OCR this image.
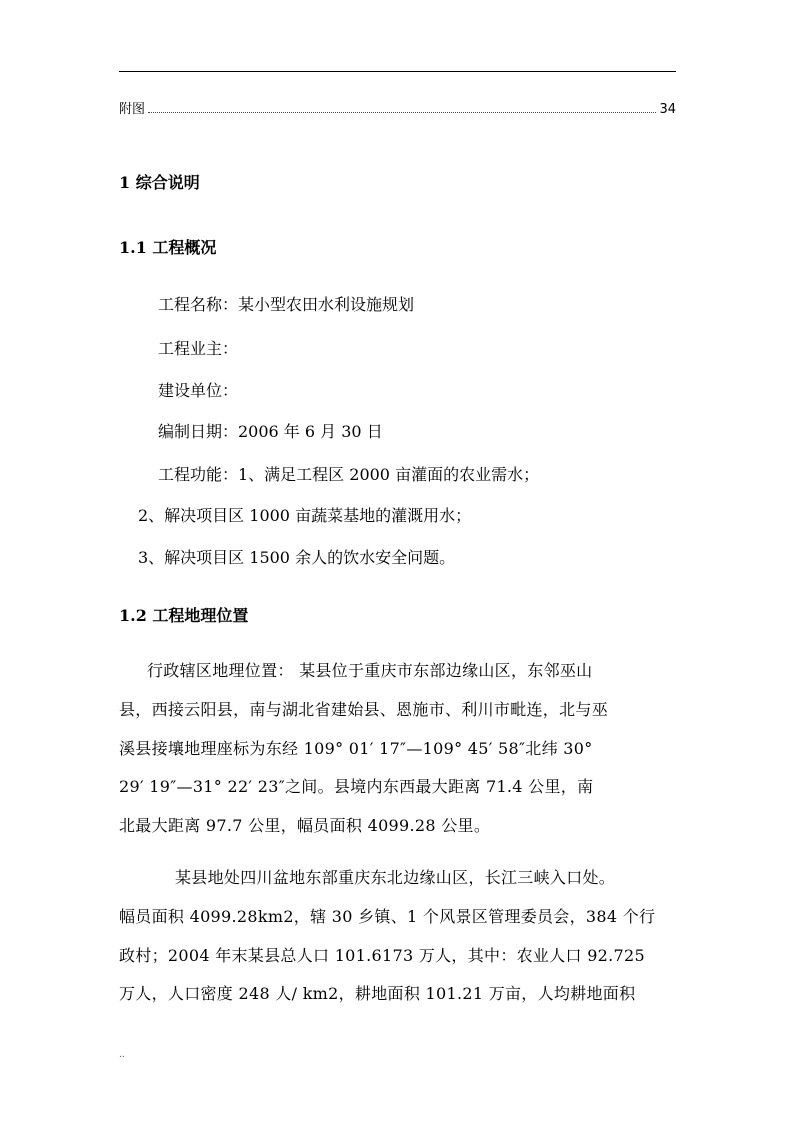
附图	34
1 综合说明
1.1 工程概况
工程名称：某小型农田水利设施规划
工程业主：
建设单位：
编制日期：2006 年 6 月 30 日
工程功能：1、满足工程区 2000 亩灌面的农业需水；
2、解决项目区 1000 亩蔬菜基地的灌溉用水；
3、解决项目区 1500 余人的饮水安全问题。
1.2 工程地理位置

行政辖区地理位置： 某县位于重庆市东部边缘山区，东邻巫山
县，西接云阳县，南与湖北省建始县、恩施市、利川市毗连，北与巫
溪县接壤地理座标为东经 109° 01′ 17″—109° 45′ 58″北纬 30°
29′ 19″—31° 22′ 23″之间。县境内东西最大距离 71.4 公里，南
北最大距离 97.7 公里，幅员面积 4099.28 公里。

某县地处四川盆地东部重庆东北边缘山区，长江三峡入口处。
幅员面积 4099.28km2，辖 30 乡镇、1 个风景区管理委员会，384 个行
政村；2004 年末某县总人口 101.6173 万人，其中：农业人口 92.725
万人，人口密度 248 人/ km2，耕地面积 101.21 万亩，人均耕地面积

..
